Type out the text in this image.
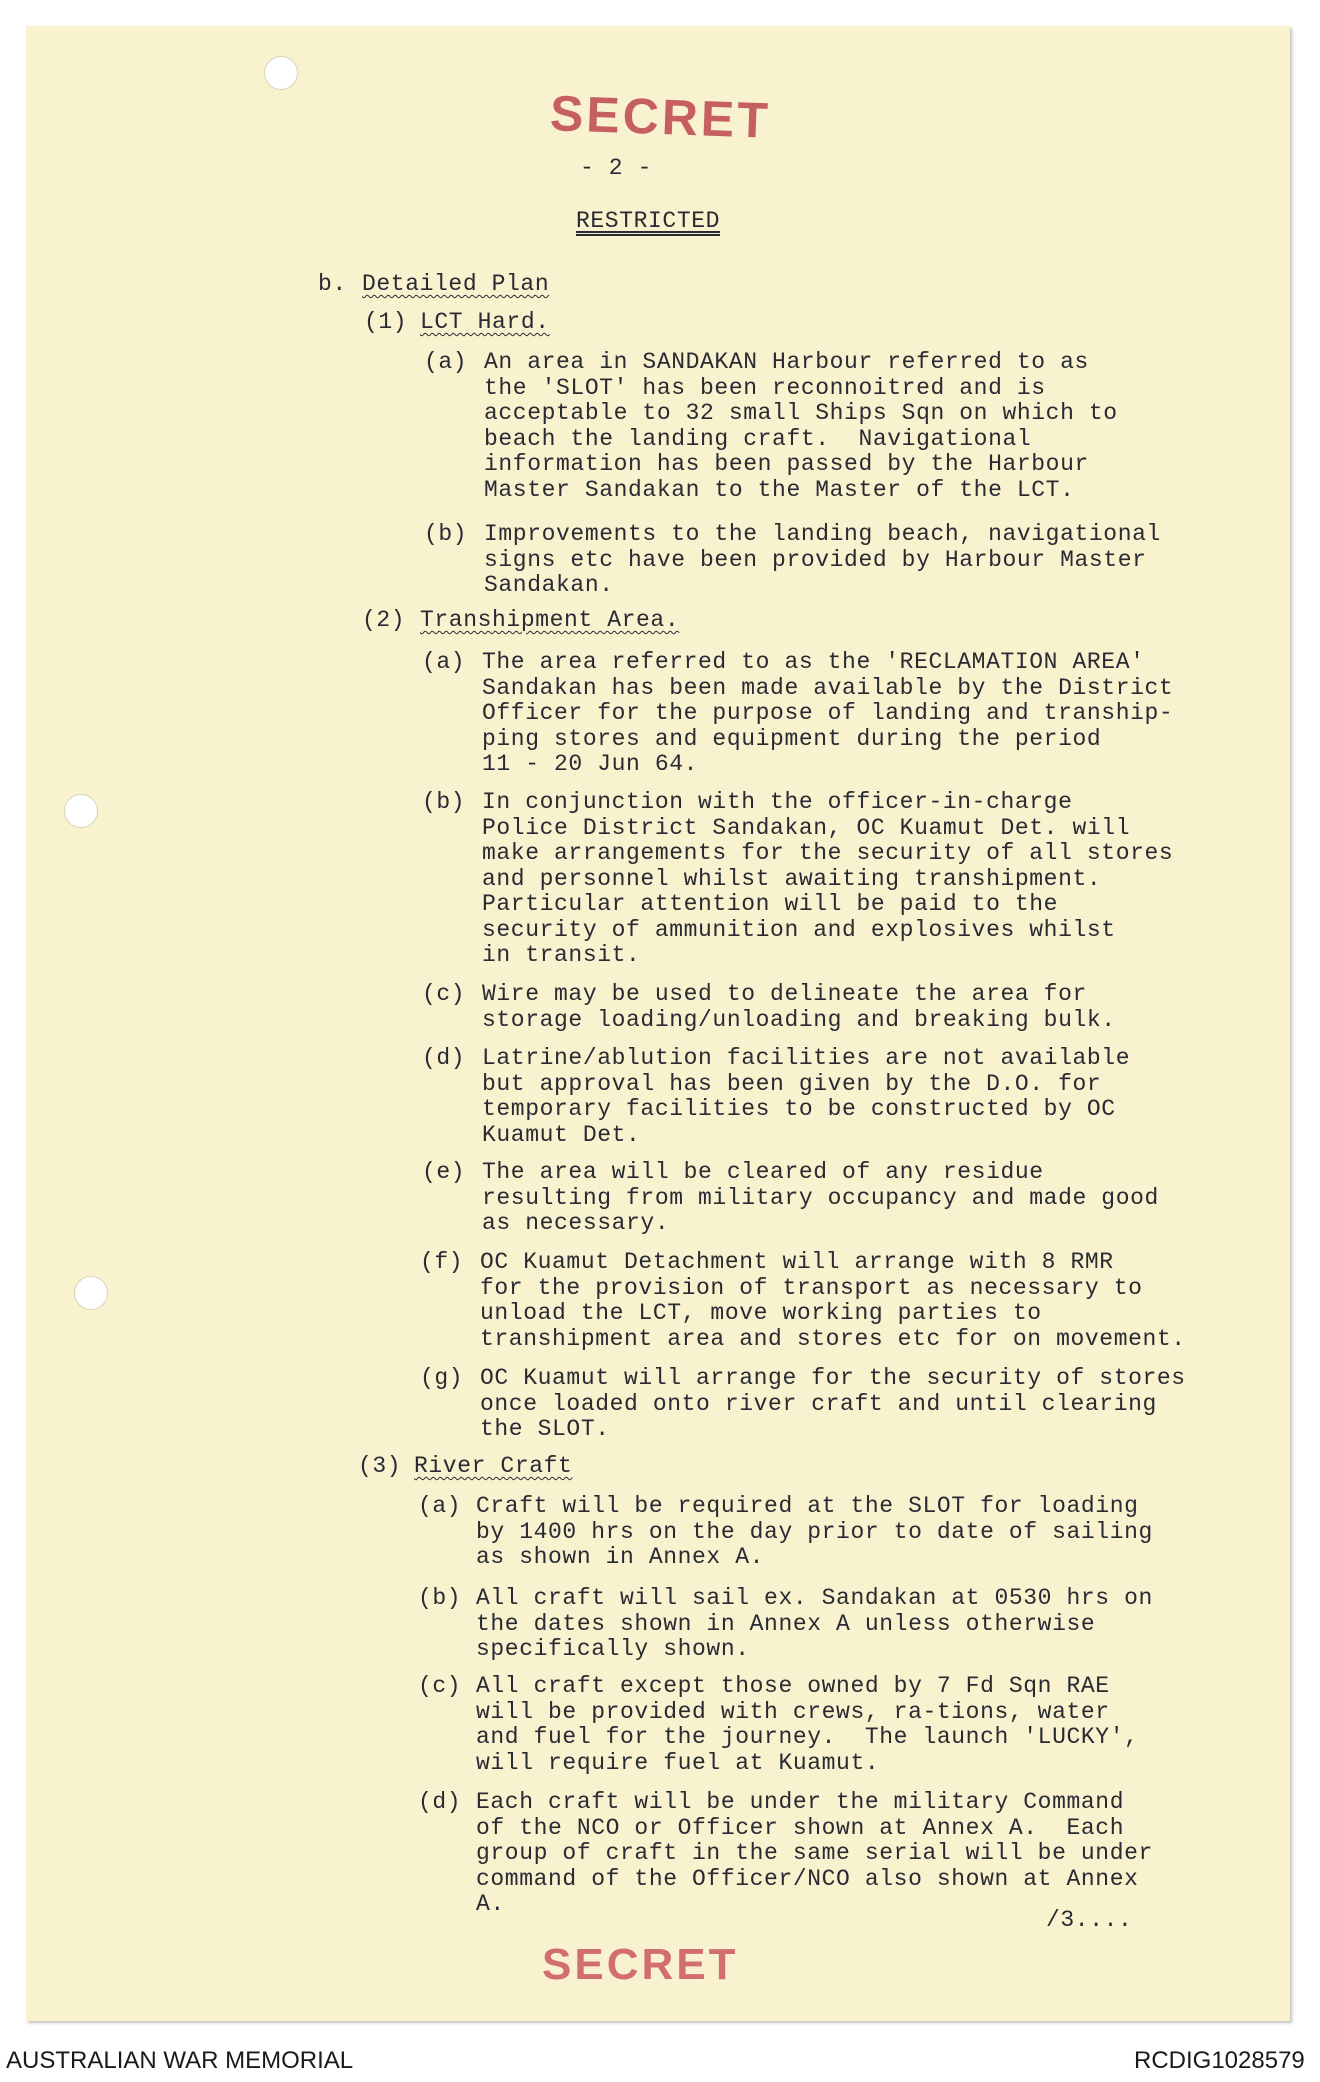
SECRET
- 2 -
RESTRICTED
b. Detailed Plan
(1) LCT Hard.
(a) An area in SANDAKAN Harbour referred to as
the 'SLOT' has been reconnoitred and is
acceptable to 32 small Ships Sqn on which to
beach the landing craft.  Navigational
information has been passed by the Harbour
Master Sandakan to the Master of the LCT.
(b) Improvements to the landing beach, navigational
signs etc have been provided by Harbour Master
Sandakan.
(2) Transhipment Area.
(a) The area referred to as the 'RECLAMATION AREA'
Sandakan has been made available by the District
Officer for the purpose of landing and tranship-
ping stores and equipment during the period
11 - 20 Jun 64.
(b) In conjunction with the officer-in-charge
Police District Sandakan, OC Kuamut Det. will
make arrangements for the security of all stores
and personnel whilst awaiting transhipment.
Particular attention will be paid to the
security of ammunition and explosives whilst
in transit.
(c) Wire may be used to delineate the area for
storage loading/unloading and breaking bulk.
(d) Latrine/ablution facilities are not available
but approval has been given by the D.O. for
temporary facilities to be constructed by OC
Kuamut Det.
(e) The area will be cleared of any residue
resulting from military occupancy and made good
as necessary.
(f) OC Kuamut Detachment will arrange with 8 RMR
for the provision of transport as necessary to
unload the LCT, move working parties to
transhipment area and stores etc for on movement.
(g) OC Kuamut will arrange for the security of stores
once loaded onto river craft and until clearing
the SLOT.
(3) River Craft
(a) Craft will be required at the SLOT for loading
by 1400 hrs on the day prior to date of sailing
as shown in Annex A.
(b) All craft will sail ex. Sandakan at 0530 hrs on
the dates shown in Annex A unless otherwise
specifically shown.
(c) All craft except those owned by 7 Fd Sqn RAE
will be provided with crews, ra-tions, water
and fuel for the journey.  The launch 'LUCKY',
will require fuel at Kuamut.
(d) Each craft will be under the military Command
of the NCO or Officer shown at Annex A.  Each
group of craft in the same serial will be under
command of the Officer/NCO also shown at Annex
A.
/3....
SECRET
AUSTRALIAN WAR MEMORIAL	RCDIG1028579
